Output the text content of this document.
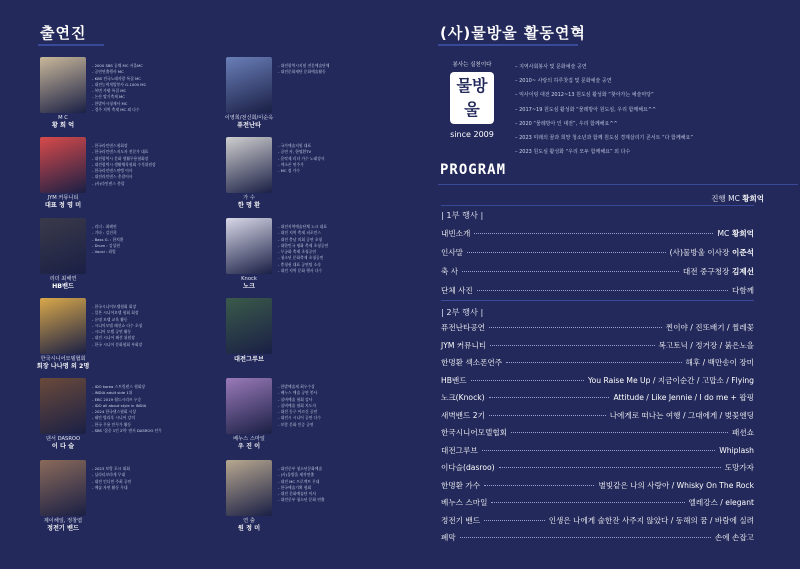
출연진
M C
황 희 억
- 2000 SBS 공채 MC 서울MC
- 공연연출행사 MC
- KBS 전국노래자랑 특집 MC
- 대전능력개발봉사 G-1000 MC
- 복면 가왕 특집 MC
- 논산 딸기축제 MC
- 한밭아시청제사 MC
- 경주 지역 축제 MC 외 다수
이영희/전신회/이순옥
퓨전난타
- 대전광역시지원 전문예술단체
- 대전문화재단 문화예술활동
JYM 커뮤니티
대표 정 영 미
- 한국라인댄스협회장
- 한국라인댄스지도자 전문가 대표
- 대전광역시 문화 생활무용협회장
- 대전광역시 생활체육협회 수석위원장
- 한국라인댄스연맹 이사
- 대전라인댄스 총괄이사
- (사)라인댄스 총괄
가 수
한 명 환
- 국가예술지원 대표
- 공연 사, 한명환TV
- 음악제 리더 가수 노래강사
- 섹소폰 연주가
- MC 겸 가수
리더 최해연
HB밴드
- 리더 : 최해연
- 기타 : 김진희
- Bass G. : 한치환
- Drum : 김성현
- Vocal : 최열
Knock
노크
- 대전지역예술단체 노크 대표
- 대전 지역 축제 퍼포먼스
- 대전 충남 의회 공연 초청
- 대한민국 평화 축제 초청공연
- 무궁화 축제 초청공연
- 청소년 문화축제 초청공연
- 충청권 대표 공연팀 소속
- 대전 지역 문화 행사 다수
한국시니어모델협회
회장 나나명 외 2명
- 한국시니어모델협회 회장
- 일본 시니어모델 협회 회장
- 유명 모델 교육 활동
- 시니어모델 패션쇼 다수 초청
- 시니어 모델 공연 활동
- 대전 시니어 패션 위원장
- 한국 시니어 문화협회 부회장
대전그루브
댄서 DASROO
이 다 슬
- IDO korea 스트릿댄스 협회장
- INDIA adult side 1위
- EBC 2019 월드시리즈 우승
- IDO all about style in INDIA
- 2024 한국댄스협회 시상
- 태안 방과후 시니어 강의
- 한국 무용 안무가 활동
- SBS '집중 1인 2역' 댄서 DASROO 안무
베누스 스마일
우 진 이
- 한밭예술제 최우수상
- 베누스 예술 공연 봉사
- 실버예술 협회 강사
- 실버예술 협회 지도자
- 대전 동구 어르신 공연
- 대전시 시니어 공연 다수
- 보람 문화 인증 공연
제이해일, 정창엽
정전기 밴드
- 2023 보람 포크 대회
- 닐라티보라게 무대
- 대전 인디씬 주최 공연
- 예술 자연 활동 무대
연 출
원 정 미
- 대전중부 청소년문화예술
- (사)물방울 제작연출
- 대전 MC 프로젝트 무대
- 한국예술기획 협회
- 대전 문화예술단 이사
- 대전중부 청소년 문화 연출
(사)물방울 활동연혁
봉사는 실천이다
물방울
since 2009
– 지역사회봉사 및 문화예술 공연
– 2010~ 사랑의 하루찻집 및 문화예술 공연
– 익사이팅 대전 2012~13 원도심 활성화 “찾아가는 예술마당”
– 2017~19 원도심 활성화 “물레방아 원도심, 우리 함께해요^^
– 2020 “물레방아 인 대전”, 우리 함께해요^^
– 2023 미래의 꿈과 희망 청소년과 함께 원도심 경제살리기 콘서트 “다 함께해요”
– 2023 원도심 활성화 “우리 모두 함께해요” 외 다수
PROGRAM
진행 MC 황희억
| 1부 행사 |
내빈소개	MC 황희억
인사말	(사)물방울 이사장 이준석
축 사	대전 중구청장 김제선
단체 사진	다함께
| 2부 행사 |
퓨전난타공연	찐이야 / 진또배기 / 찔레꽃
JYM 커뮤니티	복고토닉 / 정거장 / 붉은노을
한명환 섹소폰연주	해후 / 백만송이 장미
HB밴드	You Raise Me Up / 지금이순간 / 고맙소 / Flying
노크(Knock)	Attitude / Like Jennie / I do me + 팝핑
새벽밴드 2기	나에게로 떠나는 여행 / 그대에게 / 벚꽃엔딩
한국시니어모델협회	패션쇼
대전그루브	Whiplash
이다슬(dasroo)	도망가자
한명환 가수	별빛같은 나의 사랑아 / Whisky On The Rock
베누스 스마일	엘레강스 / elegant
정전기 밴드	인생은 나에게 술한잔 사주지 않았다 / 동해의 꿈 / 바람에 실려
폐막	손에 손잡고
